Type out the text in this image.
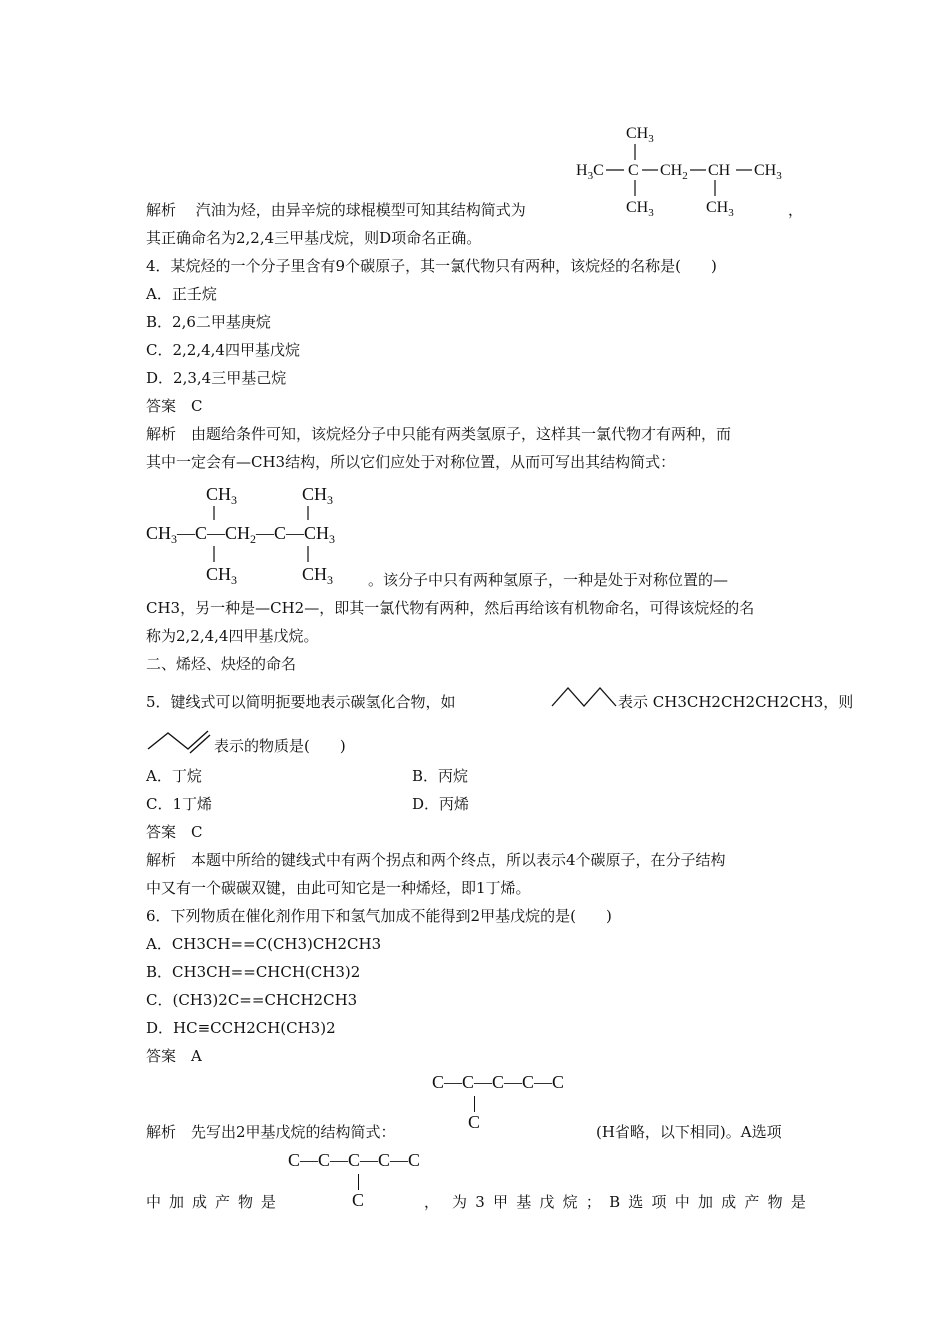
$CH_3$
$H_3C$ C $CH_2$ CH $CH_3$
$CH_3$	$CH_3$

解析　

汽油为烃，由异辛烷的球棍模型可知其结构简式为	，

其正确命名为2,2,4三甲基戊烷，则D项命名正确。

4．某烷烃的一个分子里含有9个碳原子，其一氯代物只有两种，该烷烃的名称是(　　)

A．正壬烷

B．2,6二甲基庚烷

C．2,2,4,4四甲基戊烷

D．2,3,4三甲基己烷

答案　C

解析　由题给条件可知，该烷烃分子中只能有两类氢原子，这样其一氯代物才有两种，而

其中一定会有—CH3结构，所以它们应处于对称位置，从而可写出其结构简式：

$CH_3$	$CH_3$
$CH_3—C—CH_2—C—CH_3$
$CH_3$	$CH_3$ 。该分子中只有两种氢原子，一种是处于对称位置的—

CH3，另一种是—CH2—，即其一氯代物有两种，然后再给该有机物命名，可得该烷烃的名

称为2,2,4,4四甲基戊烷。

二、烯烃、炔烃的命名

5．键线式可以简明扼要地表示碳氢化合物，如	表示 CH3CH2CH2CH2CH3，则

表示的物质是(　　)

A．丁烷	B．丙烷

C．1丁烯	D．丙烯

答案　C

解析　本题中所给的键线式中有两个拐点和两个终点，所以表示4个碳原子，在分子结构

中又有一个碳碳双键，由此可知它是一种烯烃，即1丁烯。

6．下列物质在催化剂作用下和氢气加成不能得到2甲基戊烷的是(　　)

A．CH3CH==C(CH3)CH2CH3

B．CH3CH==CHCH(CH3)2

C．(CH3)2C==CHCH2CH3

D．HC≡CCH2CH(CH3)2

答案　A

C—C—C—C—C
C

解析　先写出2甲基戊烷的结构简式：	(H省略，以下相同)。A选项

C—C—C—C—C
C
中 加 成 产 物 是	， 为 3 甲 基 戊 烷 ； B 选 项 中 加 成 产 物 是
